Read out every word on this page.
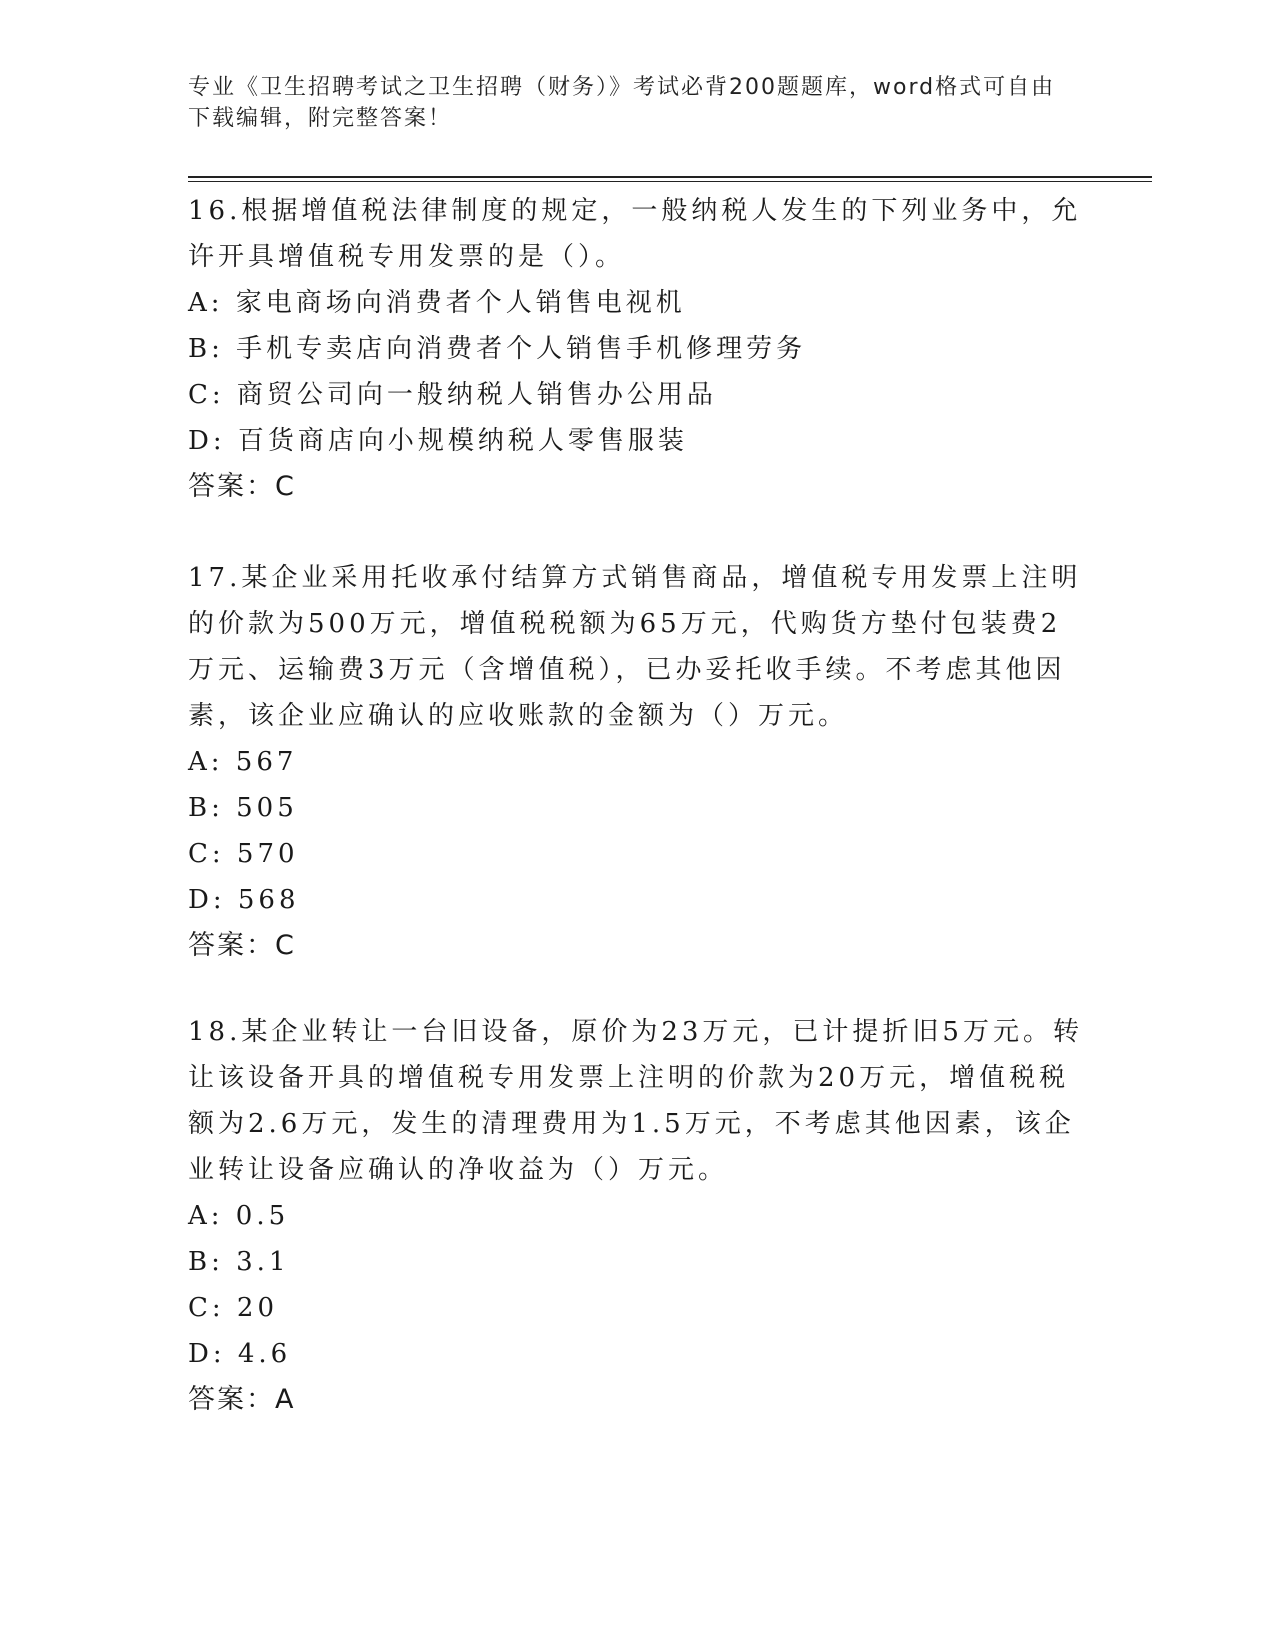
专业《卫生招聘考试之卫生招聘（财务）》考试必背200题题库，word格式可自由下载编辑，附完整答案！

16.根据增值税法律制度的规定，一般纳税人发生的下列业务中，允许开具增值税专用发票的是（）。

A: 家电商场向消费者个人销售电视机

B: 手机专卖店向消费者个人销售手机修理劳务

C: 商贸公司向一般纳税人销售办公用品

D: 百货商店向小规模纳税人零售服装

答案：C

17.某企业采用托收承付结算方式销售商品，增值税专用发票上注明的价款为500万元，增值税税额为65万元，代购货方垫付包装费2万元、运输费3万元（含增值税），已办妥托收手续。不考虑其他因素，该企业应确认的应收账款的金额为（）万元。

A: 567

B: 505

C: 570

D: 568

答案：C

18.某企业转让一台旧设备，原价为23万元，已计提折旧5万元。转让该设备开具的增值税专用发票上注明的价款为20万元，增值税税额为2.6万元，发生的清理费用为1.5万元，不考虑其他因素，该企业转让设备应确认的净收益为（）万元。

A: 0.5

B: 3.1

C: 20

D: 4.6

答案：A
